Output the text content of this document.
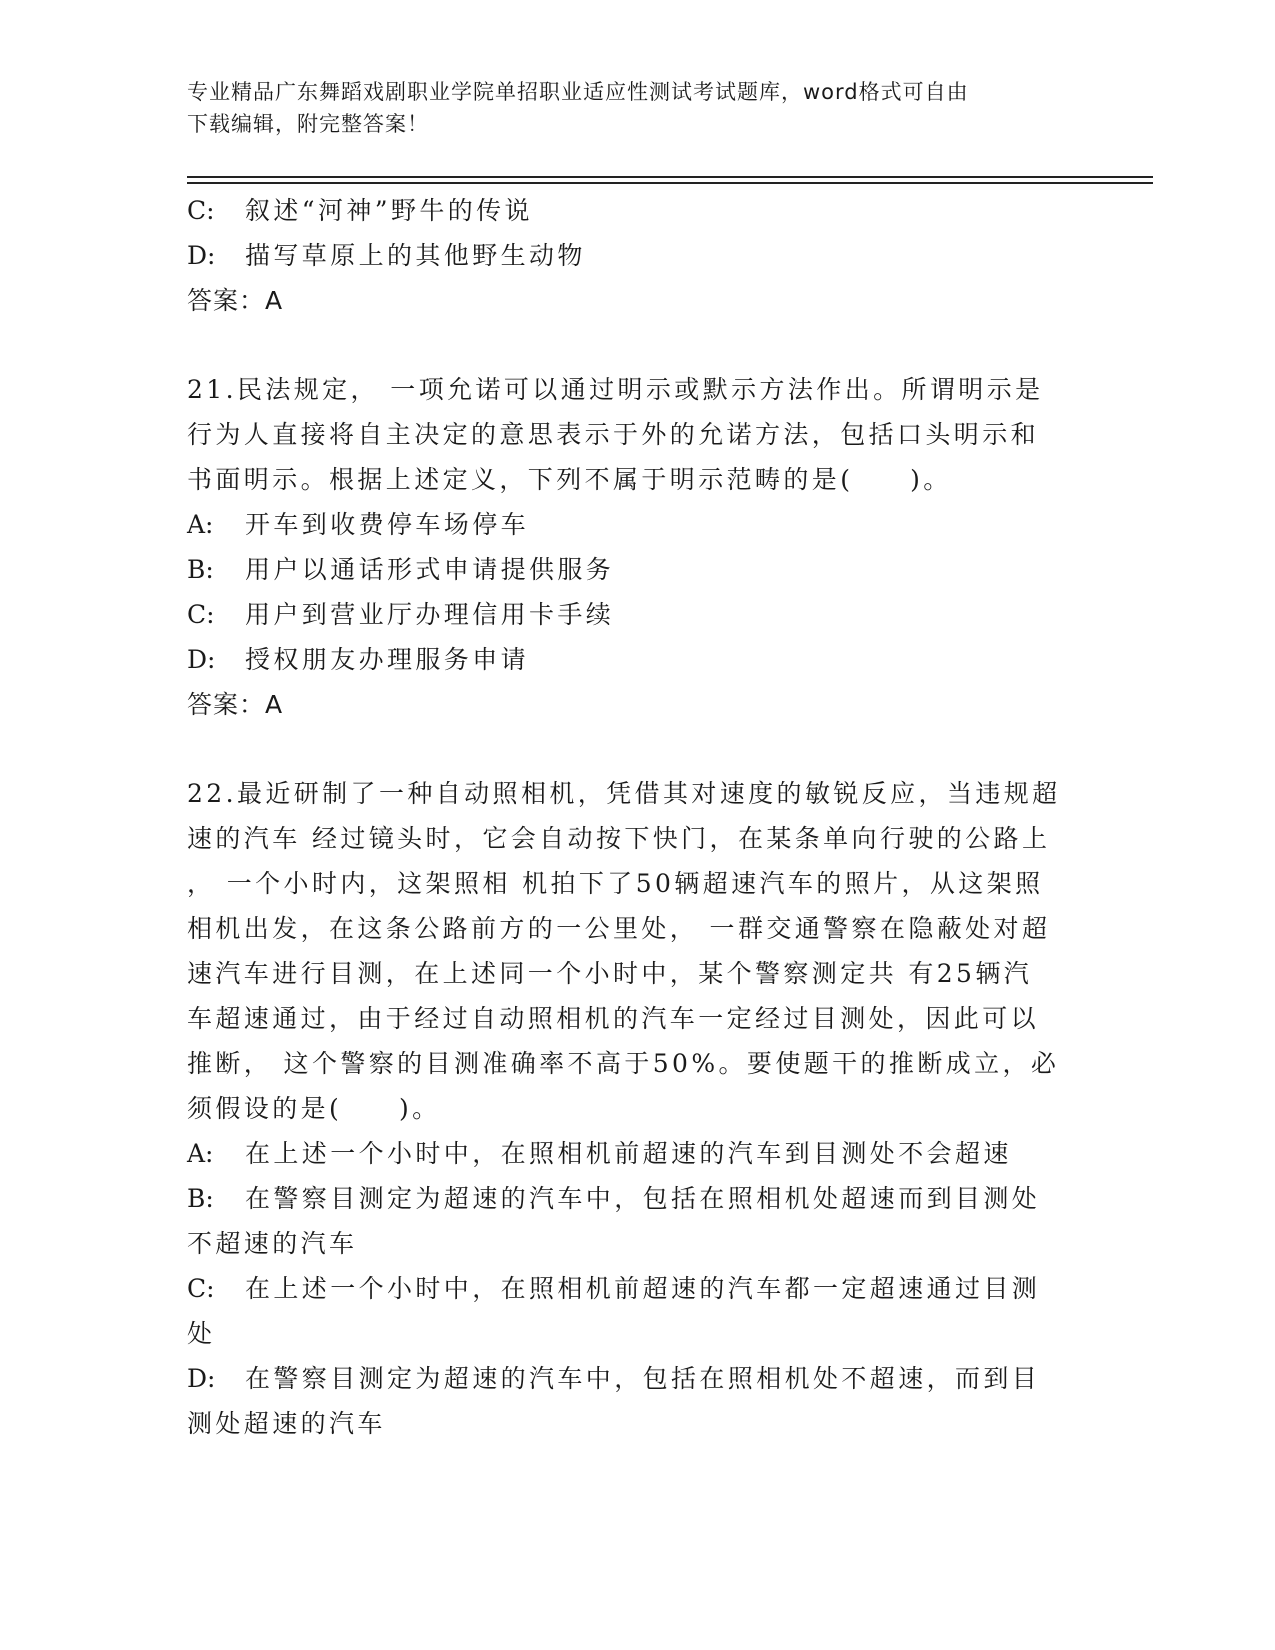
专业精品广东舞蹈戏剧职业学院单招职业适应性测试考试题库，word格式可自由
下载编辑，附完整答案！
C: 叙述“河神”野牛的传说
D: 描写草原上的其他野生动物
答案：A
21.民法规定， 一项允诺可以通过明示或默示方法作出。所谓明示是
行为人直接将自主决定的意思表示于外的允诺方法，包括口头明示和
书面明示。根据上述定义，下列不属于明示范畴的是(　　)。
A: 开车到收费停车场停车
B: 用户以通话形式申请提供服务
C: 用户到营业厅办理信用卡手续
D: 授权朋友办理服务申请
答案：A
22.最近研制了一种自动照相机，凭借其对速度的敏锐反应，当违规超
速的汽车 经过镜头时，它会自动按下快门，在某条单向行驶的公路上
， 一个小时内，这架照相 机拍下了50辆超速汽车的照片，从这架照
相机出发，在这条公路前方的一公里处， 一群交通警察在隐蔽处对超
速汽车进行目测，在上述同一个小时中，某个警察测定共 有25辆汽
车超速通过，由于经过自动照相机的汽车一定经过目测处，因此可以
推断， 这个警察的目测准确率不高于50%。要使题干的推断成立，必
须假设的是(　　)。
A: 在上述一个小时中，在照相机前超速的汽车到目测处不会超速
B: 在警察目测定为超速的汽车中，包括在照相机处超速而到目测处
不超速的汽车
C: 在上述一个小时中，在照相机前超速的汽车都一定超速通过目测
处
D: 在警察目测定为超速的汽车中，包括在照相机处不超速，而到目
测处超速的汽车
